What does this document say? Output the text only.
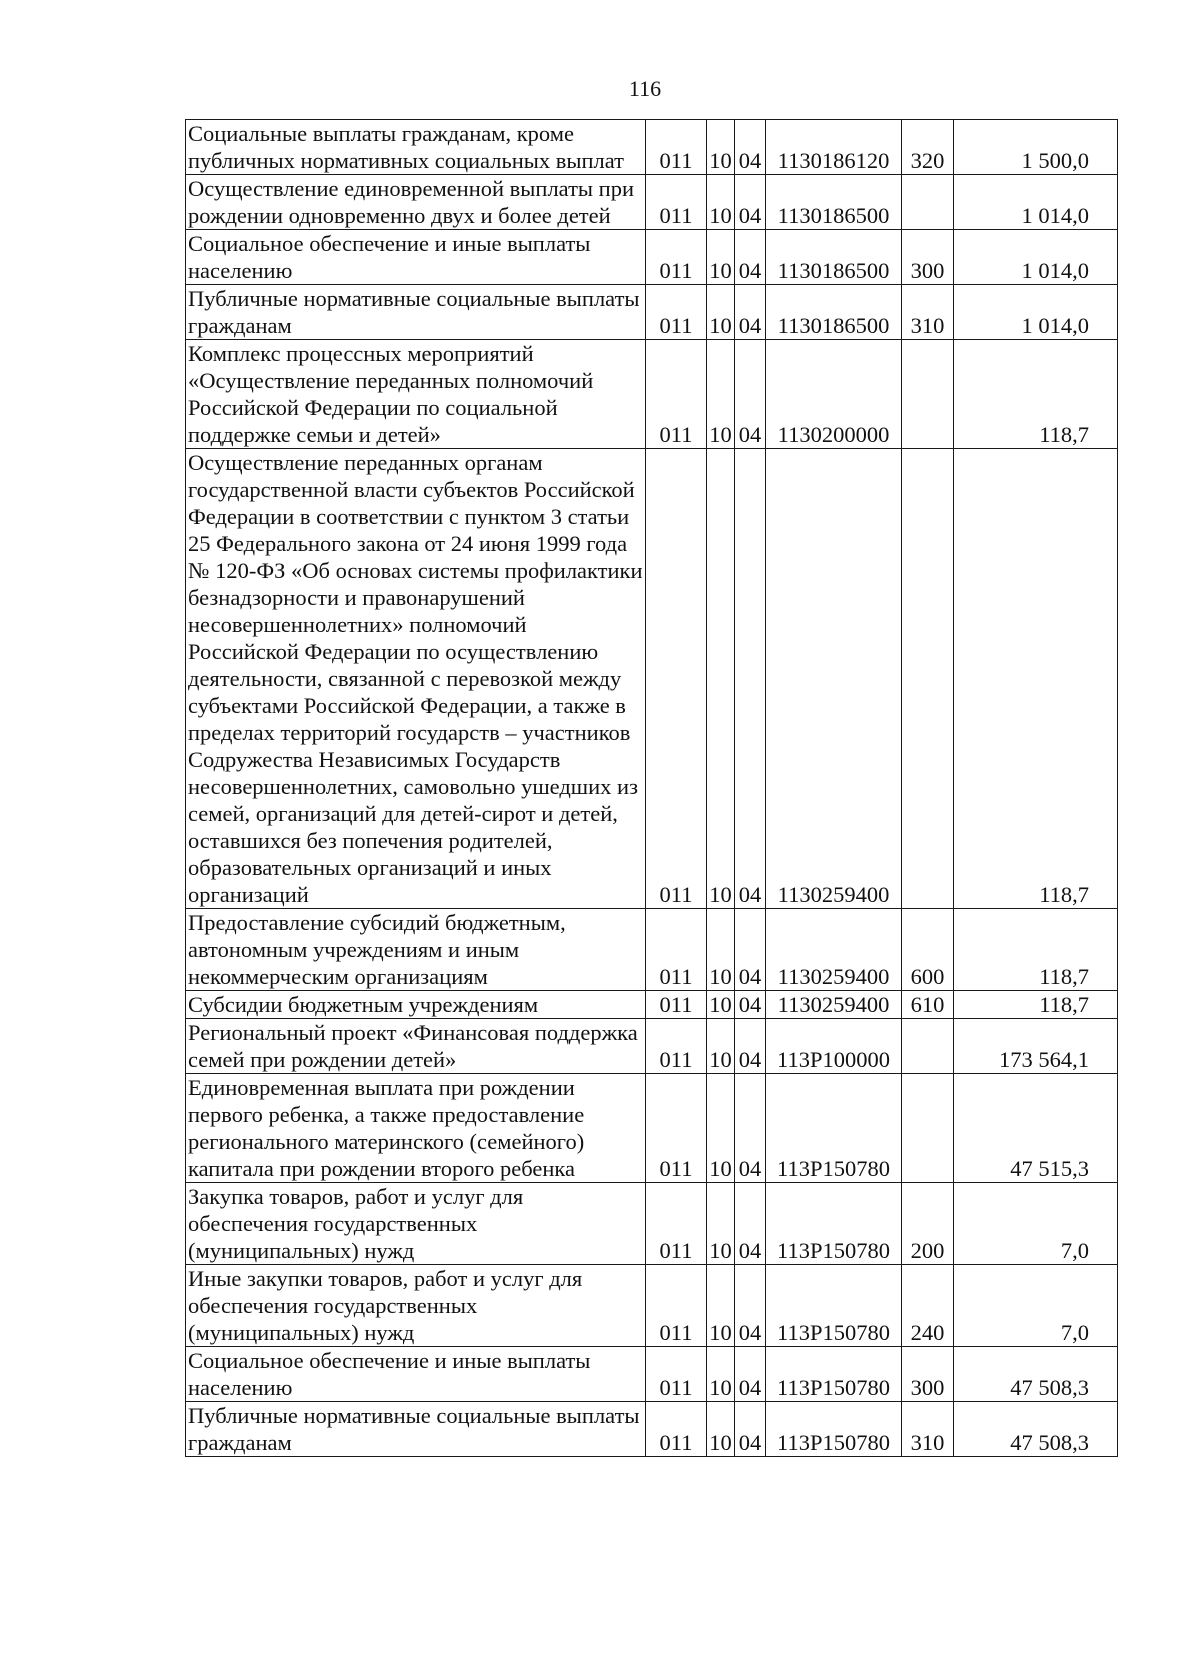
116
Социальные выплаты гражданам, кроме публичных нормативных социальных выплат	011	10	04	1130186120	320	1 500,0
Осуществление единовременной выплаты при рождении одновременно двух и более детей	011	10	04	1130186500		1 014,0
Социальное обеспечение и иные выплаты населению	011	10	04	1130186500	300	1 014,0
Публичные нормативные социальные выплаты гражданам	011	10	04	1130186500	310	1 014,0
Комплекс процессных мероприятий «Осуществление переданных полномочий Российской Федерации по социальной поддержке семьи и детей»	011	10	04	1130200000		118,7
Осуществление переданных органам государственной власти субъектов Российской Федерации в соответствии с пунктом 3 статьи 25 Федерального закона от 24 июня 1999 года № 120-ФЗ «Об основах системы профилактики безнадзорности и правонарушений несовершеннолетних» полномочий Российской Федерации по осуществлению деятельности, связанной с перевозкой между субъектами Российской Федерации, а также в пределах территорий государств – участников Содружества Независимых Государств несовершеннолетних, самовольно ушедших из семей, организаций для детей-сирот и детей, оставшихся без попечения родителей, образовательных организаций и иных организаций	011	10	04	1130259400		118,7
Предоставление субсидий бюджетным, автономным учреждениям и иным некоммерческим организациям	011	10	04	1130259400	600	118,7
Субсидии бюджетным учреждениям	011	10	04	1130259400	610	118,7
Региональный проект «Финансовая поддержка семей при рождении детей»	011	10	04	113Р100000		173 564,1
Единовременная выплата при рождении первого ребенка, а также предоставление регионального материнского (семейного) капитала при рождении второго ребенка	011	10	04	113Р150780		47 515,3
Закупка товаров, работ и услуг для обеспечения государственных (муниципальных) нужд	011	10	04	113Р150780	200	7,0
Иные закупки товаров, работ и услуг для обеспечения государственных (муниципальных) нужд	011	10	04	113Р150780	240	7,0
Социальное обеспечение и иные выплаты населению	011	10	04	113Р150780	300	47 508,3
Публичные нормативные социальные выплаты гражданам	011	10	04	113Р150780	310	47 508,3
